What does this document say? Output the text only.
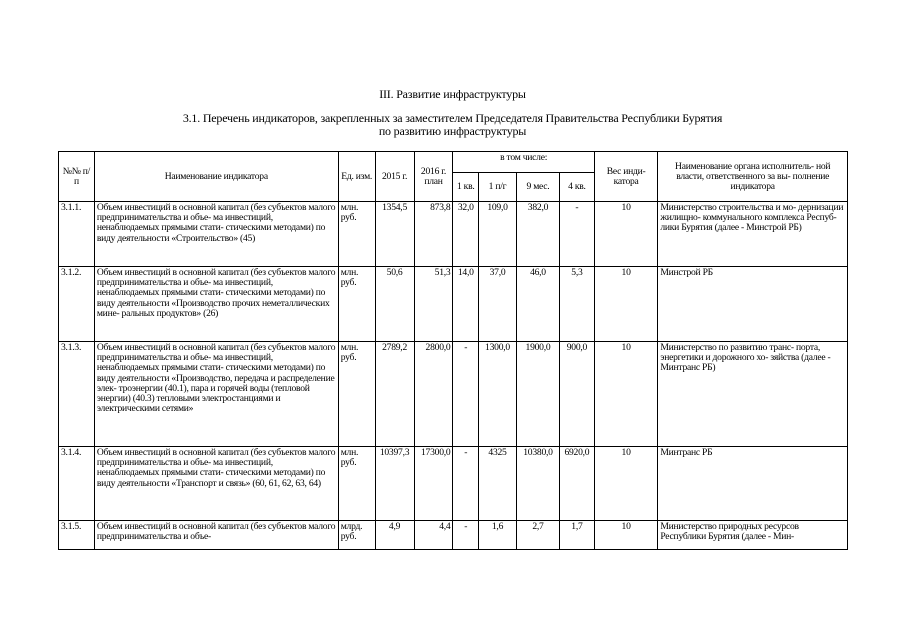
III. Развитие инфраструктуры
3.1. Перечень индикаторов, закрепленных за заместителем Председателя Правительства Республики Бурятия
по развитию инфраструктуры
№№ п/п	Наименование индикатора	Ед. изм.	2015 г.	2016 г. план	в том числе:				Вес инди- катора	Наименование органа исполнитель- ной власти, ответственного за вы- полнение индикатора
					1 кв.	1 п/г	9 мес.	4 кв.		
3.1.1.	Объем инвестиций в основной капитал (без субъектов малого предпринимательства и объе- ма инвестиций, ненаблюдаемых прямыми стати- стическими методами) по виду деятельности «Строительство» (45)	млн. руб.	1354,5	873,8	32,0	109,0	382,0	-	10	Министерство строительства и мо- дернизации жилищно- коммунального комплекса Респуб- лики Бурятия (далее - Минстрой РБ)
3.1.2.	Объем инвестиций в основной капитал (без субъектов малого предпринимательства и объе- ма инвестиций, ненаблюдаемых прямыми стати- стическими методами) по виду деятельности «Производство прочих неметаллических мине- ральных продуктов» (26)	млн. руб.	50,6	51,3	14,0	37,0	46,0	5,3	10	Минстрой РБ
3.1.3.	Объем инвестиций в основной капитал (без субъектов малого предпринимательства и объе- ма инвестиций, ненаблюдаемых прямыми стати- стическими методами) по виду деятельности «Производство, передача и распределение элек- троэнергии (40.1), пара и горячей воды (тепловой энергии) (40.3) тепловыми электростанциями и электрическими сетями»	млн. руб.	2789,2	2800,0	-	1300,0	1900,0	900,0	10	Министерство по развитию транс- порта, энергетики и дорожного хо- зяйства (далее - Минтранс РБ)
3.1.4.	Объем инвестиций в основной капитал (без субъектов малого предпринимательства и объе- ма инвестиций, ненаблюдаемых прямыми стати- стическими методами) по виду деятельности «Транспорт и связь» (60, 61, 62, 63, 64)	млн. руб.	10397,3	17300,0	-	4325	10380,0	6920,0	10	Минтранс РБ
3.1.5.	Объем инвестиций в основной капитал (без субъектов малого предпринимательства и объе-	млрд. руб.	4,9	4,4	-	1,6	2,7	1,7	10	Министерство природных ресурсов Республики Бурятия (далее - Мин-
